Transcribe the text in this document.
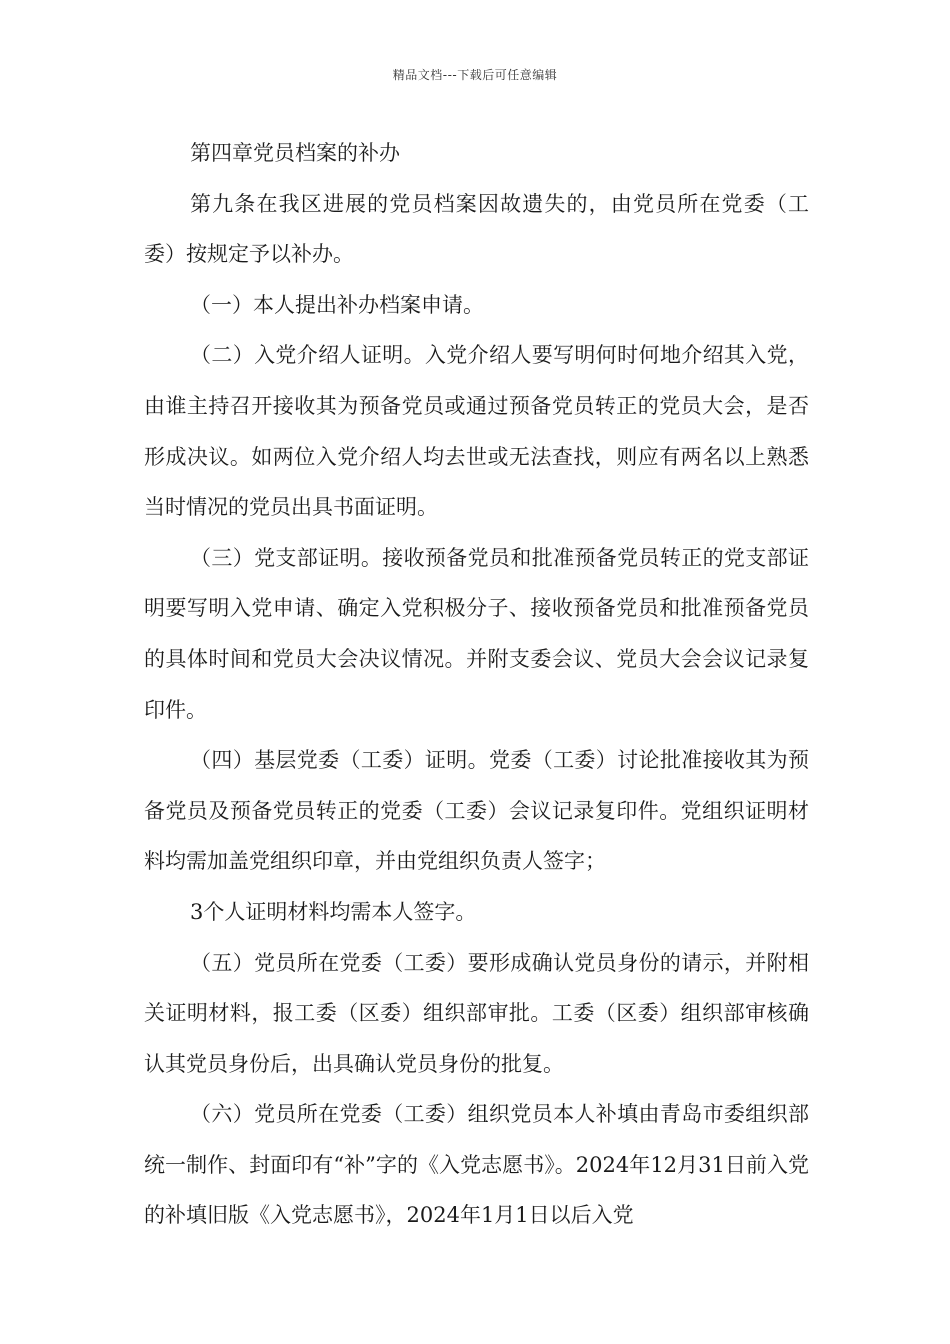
精品文档---下载后可任意编辑

第四章党员档案的补办

第九条在我区进展的党员档案因故遗失的，由党员所在党委（工委）按规定予以补办。

（一）本人提出补办档案申请。

（二）入党介绍人证明。入党介绍人要写明何时何地介绍其入党，由谁主持召开接收其为预备党员或通过预备党员转正的党员大会，是否形成决议。如两位入党介绍人均去世或无法查找，则应有两名以上熟悉当时情况的党员出具书面证明。

（三）党支部证明。接收预备党员和批准预备党员转正的党支部证明要写明入党申请、确定入党积极分子、接收预备党员和批准预备党员的具体时间和党员大会决议情况。并附支委会议、党员大会会议记录复印件。

（四）基层党委（工委）证明。党委（工委）讨论批准接收其为预备党员及预备党员转正的党委（工委）会议记录复印件。党组织证明材料均需加盖党组织印章，并由党组织负责人签字；

3个人证明材料均需本人签字。

（五）党员所在党委（工委）要形成确认党员身份的请示，并附相关证明材料，报工委（区委）组织部审批。工委（区委）组织部审核确认其党员身份后，出具确认党员身份的批复。

（六）党员所在党委（工委）组织党员本人补填由青岛市委组织部统一制作、封面印有“补”字的《入党志愿书》。2024年12月31日前入党的补填旧版《入党志愿书》，2024年1月1日以后入党
